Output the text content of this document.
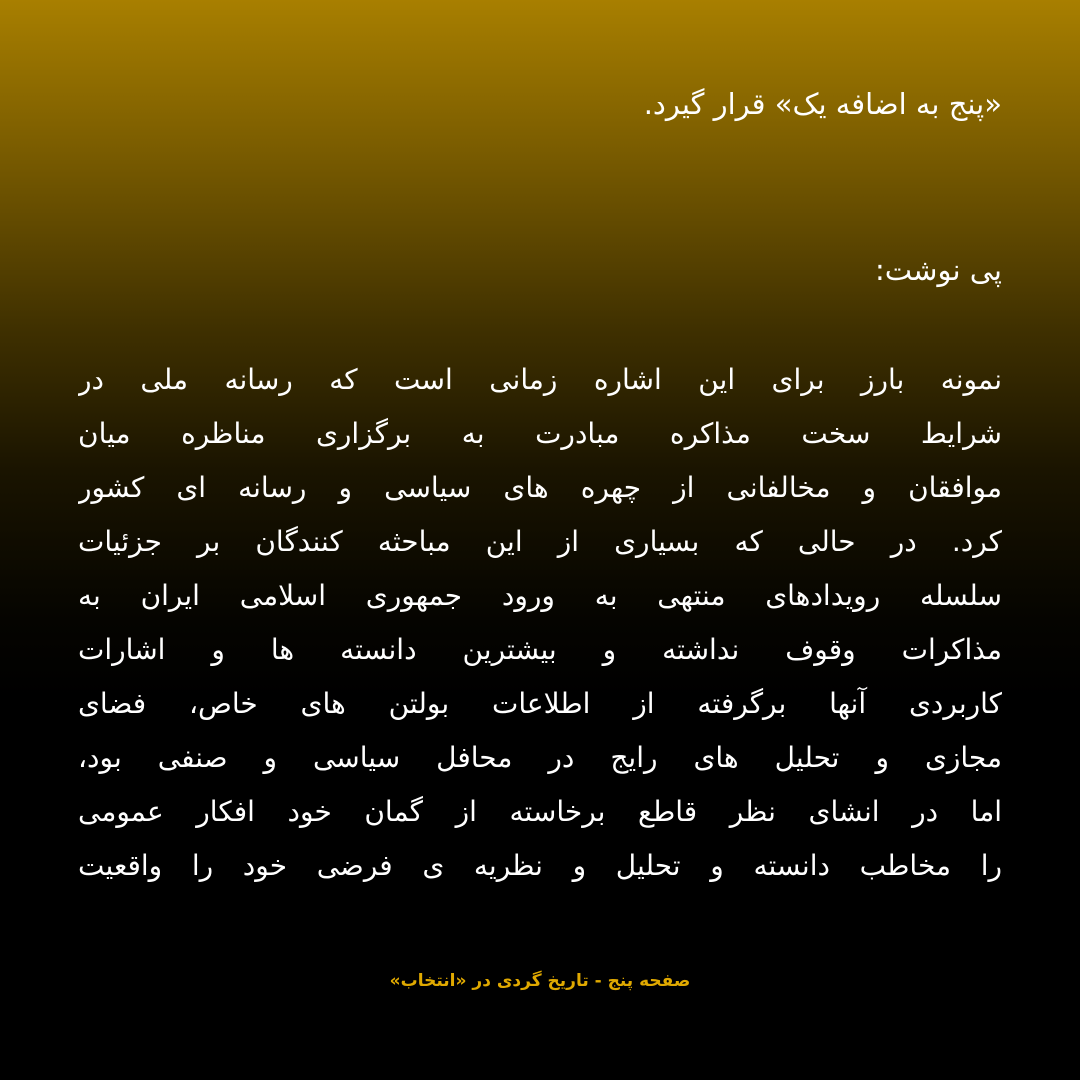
«پنج به اضافه یک» قرار گیرد.
پی نوشت:
نمونه بارز برای این اشاره زمانی است که رسانه ملی در
شرایط سخت مذاکره مبادرت به برگزاری مناظره میان
موافقان و مخالفانی از چهره های سیاسی و رسانه ای کشور
کرد. در حالی که بسیاری از این مباحثه کنندگان بر جزئیات
سلسله رویدادهای منتهی به ورود جمهوری اسلامی ایران به
مذاکرات وقوف نداشته و بیشترین دانسته ها و اشارات
کاربردی آنها برگرفته از اطلاعات بولتن های خاص، فضای
مجازی و تحلیل های رایج در محافل سیاسی و صنفی بود،
اما در انشای نظر قاطع برخاسته از گمان خود افکار عمومی
را مخاطب دانسته و تحلیل و نظریه ی فرضی خود را واقعیت
صفحه پنج - تاریخ گردی در «انتخاب»
